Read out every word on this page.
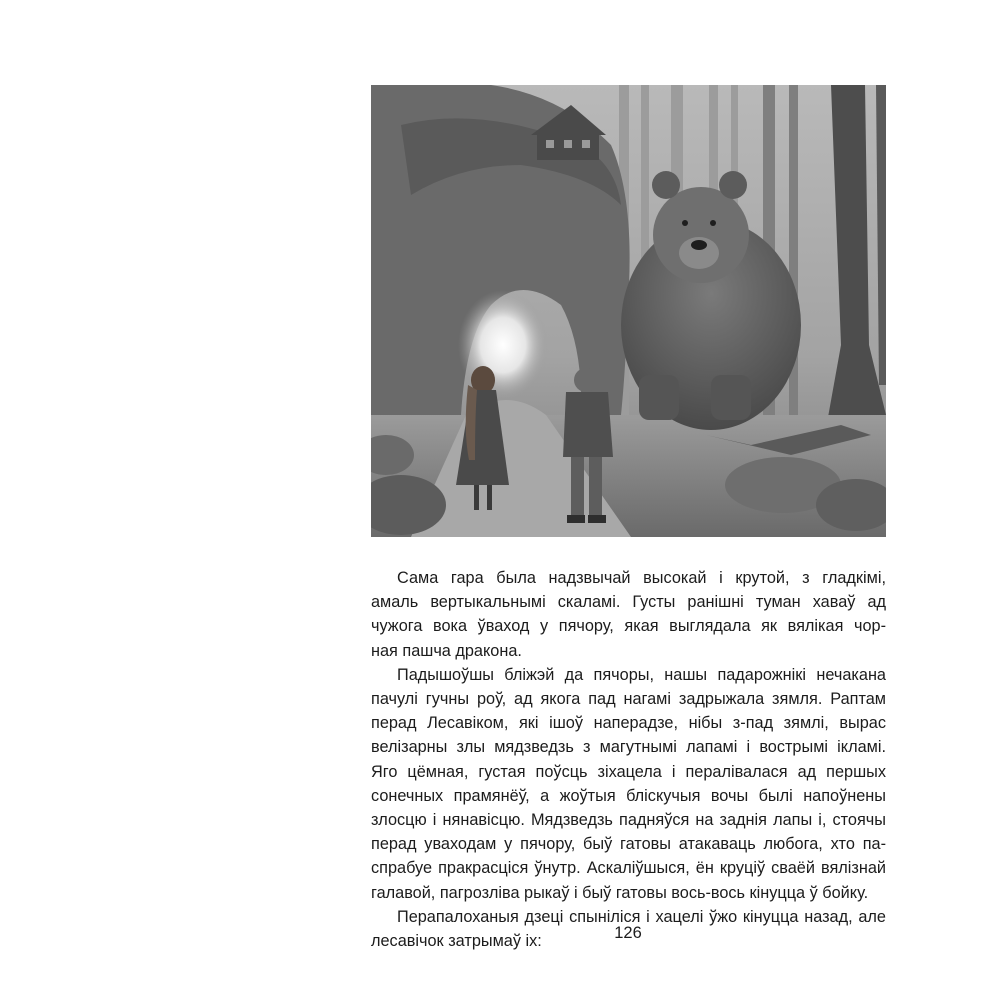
Сама гара была надзвычай высокай і крутой, з гладкімі,
амаль вертыкальнымі скаламі. Густы ранішні туман хаваў ад
чужога вока ўваход у пячору, якая выглядала як вялікая чор-
ная пашча дракона.
Падышоўшы бліжэй да пячоры, нашы падарожнікі нечакана
пачулі гучны роў, ад якога пад нагамі задрыжала зямля. Раптам
перад Лесавіком, які ішоў наперадзе, нібы з-пад зямлі, вырас
велізарны злы мядзведзь з магутнымі лапамі і вострымі ікламі.
Яго цёмная, густая поўсць зіхацела і пералівалася ад першых
сонечных прамянёў, а жоўтыя бліскучыя вочы былі напоўнены
злосцю і нянавісцю. Мядзведзь падняўся на заднія лапы і, стоячы
перад уваходам у пячору, быў гатовы атакаваць любога, хто па-
спрабуе пракрасціся ўнутр. Аскаліўшыся, ён круціў сваёй вялізнай
галавой, пагрозліва рыкаў і быў гатовы вось-вось кінуцца ў бойку.
Перапалоханыя дзеці спыніліся і хацелі ўжо кінуцца назад, але
лесавічок затрымаў іх:	126
